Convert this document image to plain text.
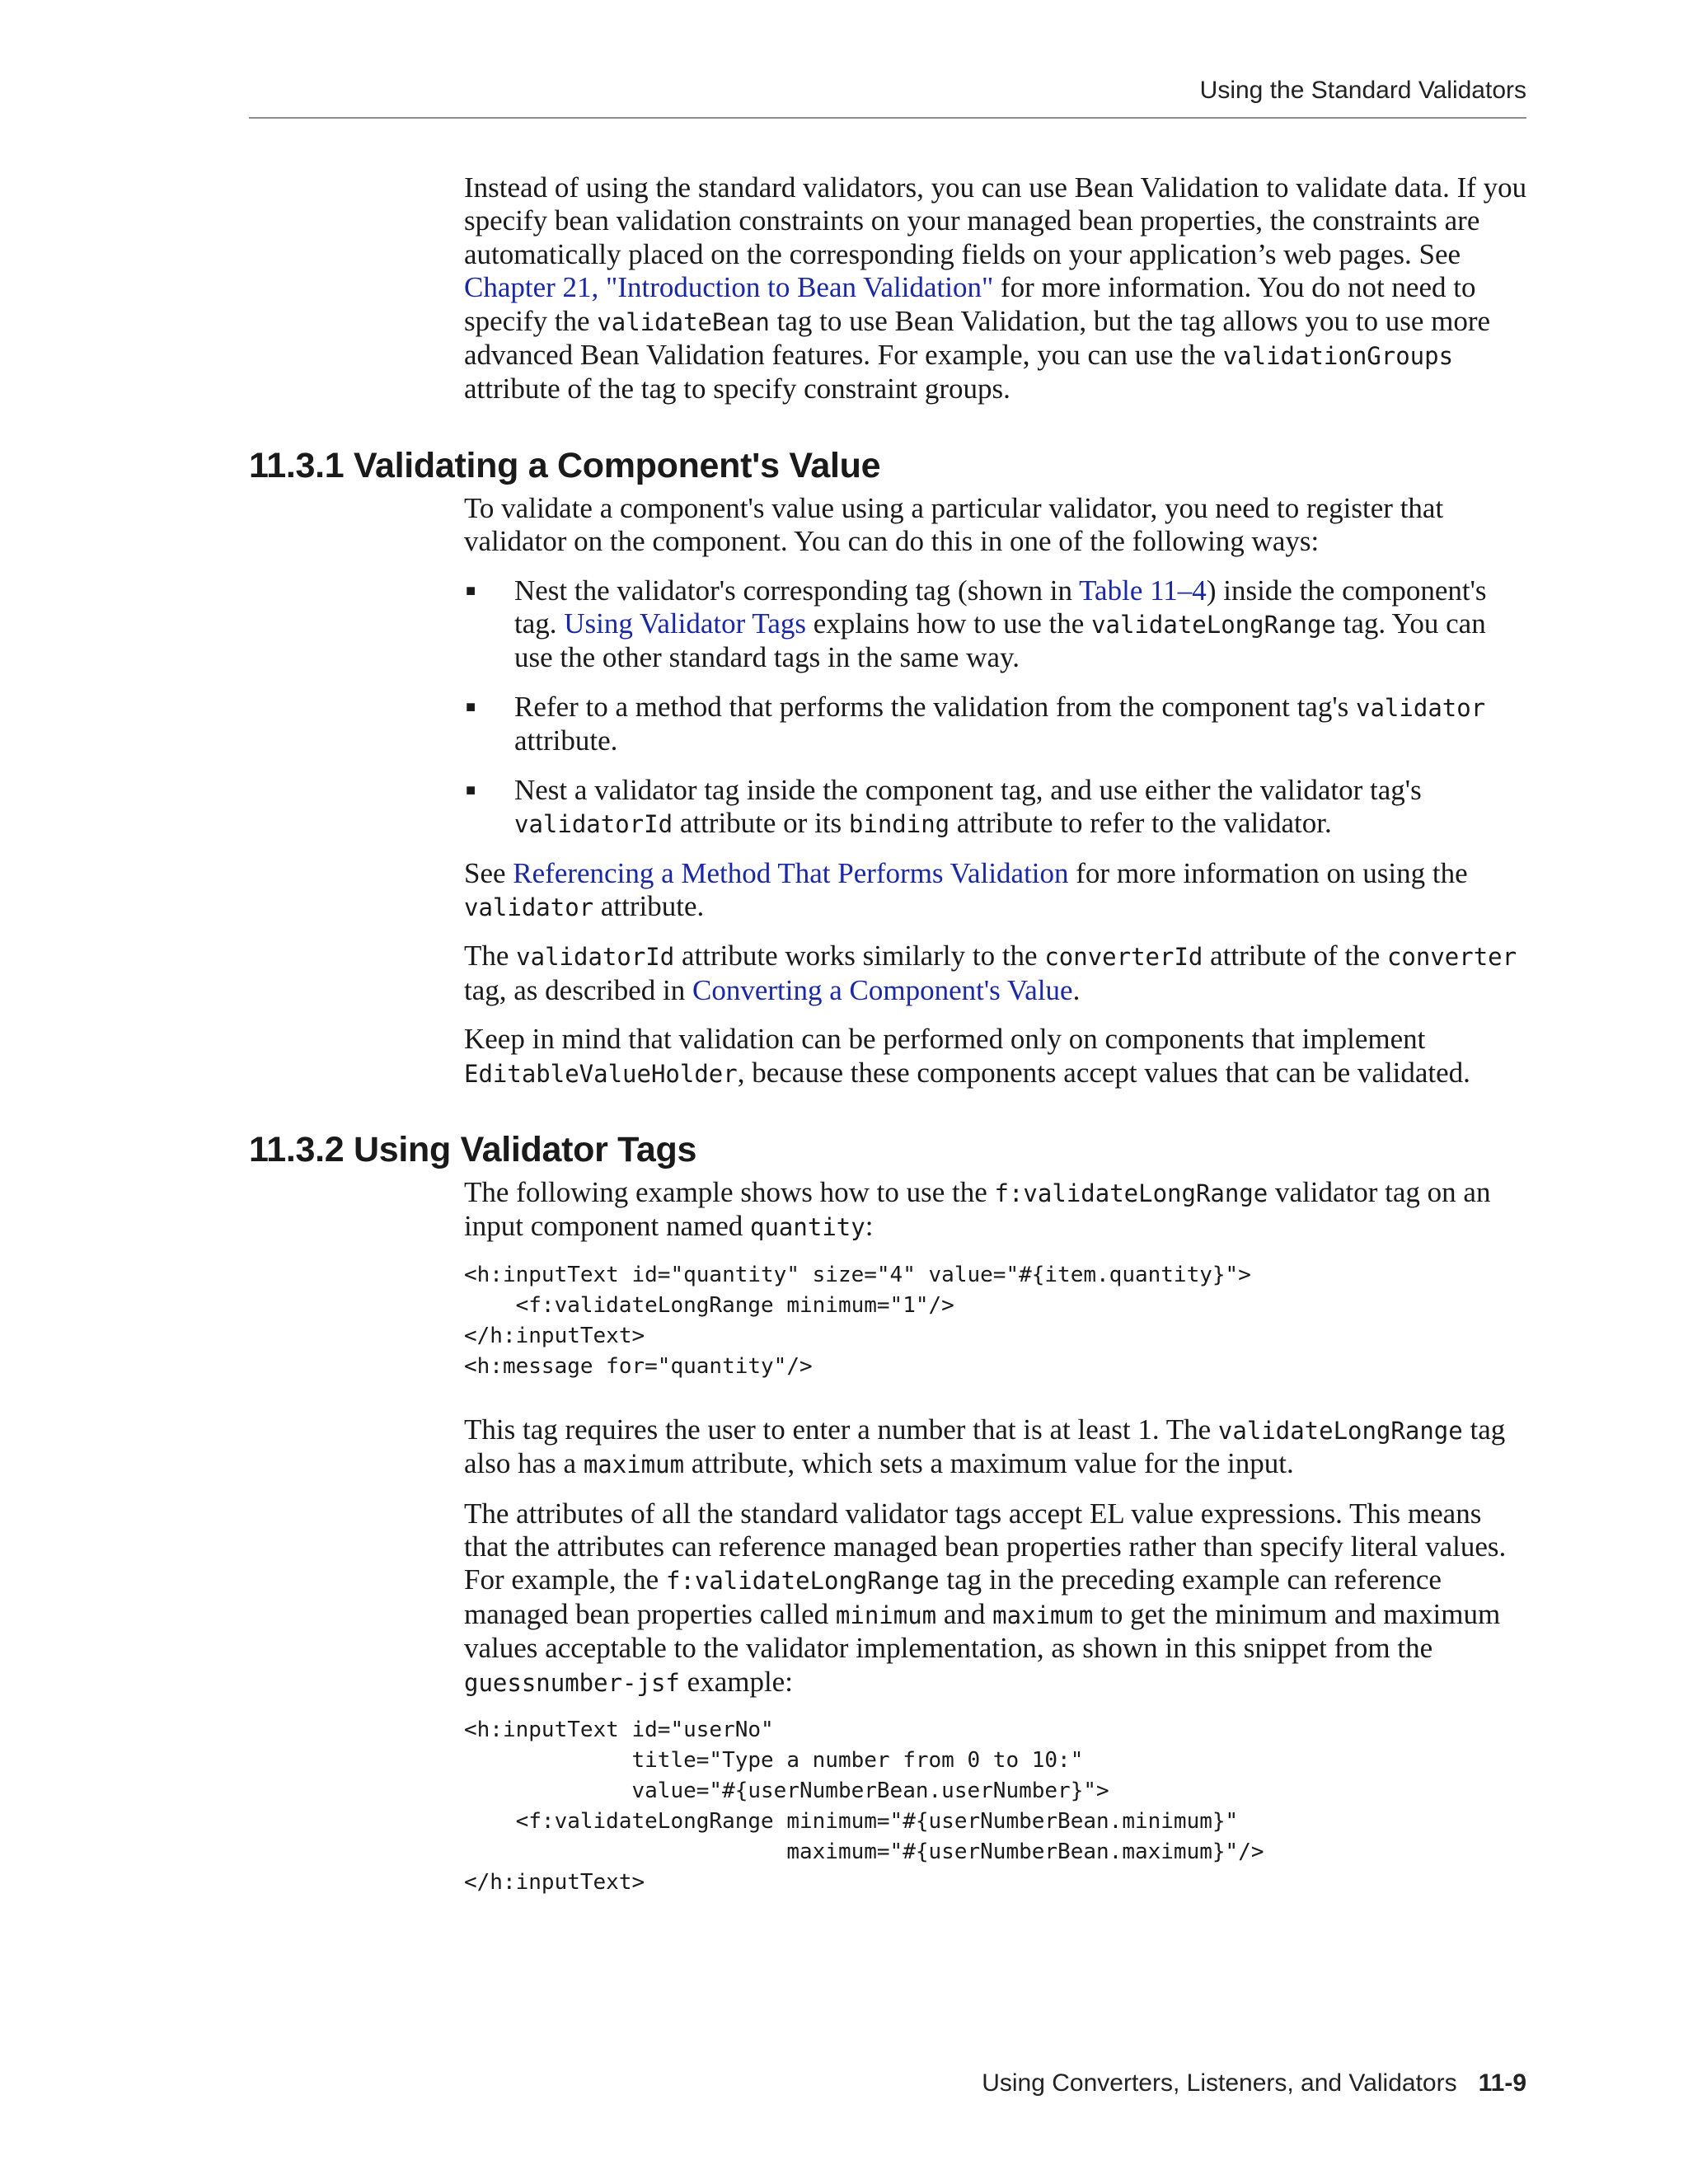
Using the Standard Validators

Instead of using the standard validators, you can use Bean Validation to validate data. If you specify bean validation constraints on your managed bean properties, the constraints are automatically placed on the corresponding fields on your application’s web pages. See Chapter 21, "Introduction to Bean Validation" for more information. You do not need to specify the validateBean tag to use Bean Validation, but the tag allows you to use more advanced Bean Validation features. For example, you can use the validationGroups attribute of the tag to specify constraint groups.

11.3.1 Validating a Component's Value

To validate a component's value using a particular validator, you need to register that validator on the component. You can do this in one of the following ways:

■ Nest the validator's corresponding tag (shown in Table 11–4) inside the component's tag. Using Validator Tags explains how to use the validateLongRange tag. You can use the other standard tags in the same way.
■ Refer to a method that performs the validation from the component tag's validator attribute.
■ Nest a validator tag inside the component tag, and use either the validator tag's validatorId attribute or its binding attribute to refer to the validator.

See Referencing a Method That Performs Validation for more information on using the validator attribute.

The validatorId attribute works similarly to the converterId attribute of the converter tag, as described in Converting a Component's Value.

Keep in mind that validation can be performed only on components that implement EditableValueHolder, because these components accept values that can be validated.

11.3.2 Using Validator Tags

The following example shows how to use the f:validateLongRange validator tag on an input component named quantity:

<h:inputText id="quantity" size="4" value="#{item.quantity}">
<f:validateLongRange minimum="1"/>
</h:inputText>
<h:message for="quantity"/>

This tag requires the user to enter a number that is at least 1. The validateLongRange tag also has a maximum attribute, which sets a maximum value for the input.

The attributes of all the standard validator tags accept EL value expressions. This means that the attributes can reference managed bean properties rather than specify literal values. For example, the f:validateLongRange tag in the preceding example can reference managed bean properties called minimum and maximum to get the minimum and maximum values acceptable to the validator implementation, as shown in this snippet from the guessnumber-jsf example:

<h:inputText id="userNo"
title="Type a number from 0 to 10:"
value="#{userNumberBean.userNumber}">
<f:validateLongRange minimum="#{userNumberBean.minimum}"
maximum="#{userNumberBean.maximum}"/>
</h:inputText>
Using Converters, Listeners, and Validators 11-9
